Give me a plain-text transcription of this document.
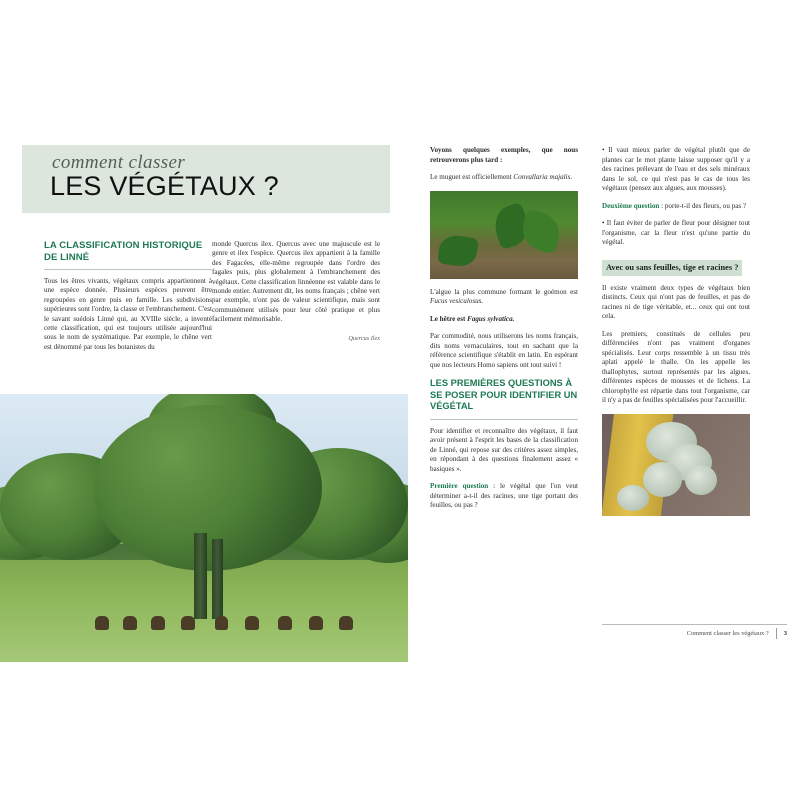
comment classer
LES VÉGÉTAUX ?
LA CLASSIFICATION HISTORIQUE DE LINNÉ

Tous les êtres vivants, végétaux compris appartiennent à une espèce donnée. Plusieurs espèces peuvent être regroupées en genre puis en famille. Les subdivisions supérieures sont l'ordre, la classe et l'embranchement. C'est le savant suédois Linné qui, au XVIIIe siècle, a inventé cette classification, qui est toujours utilisée aujourd'hui sous le nom de systématique. Par exemple, le chêne vert est dénommé par tous les botanistes du

monde Quercus ilex. Quercus avec une majuscule est le genre et ilex l'espèce. Quercus ilex appartient à la famille des Fagacées, elle-même regroupée dans l'ordre des fagales puis, plus globalement à l'embranchement des végétaux. Cette classification linnéenne est valable dans le monde entier. Autrement dit, les noms français ; chêne vert par exemple, n'ont pas de valeur scientifique, mais sont communément utilisés pour leur côté pratique et plus facilement mémorisable.

Quercus Ilex

Voyons quelques exemples, que nous retrouverons plus tard :

Le muguet est officiellement Convallaria majalis.

L'algue la plus commune formant le goémon est Fucus vesiculosus.

Le hêtre est Fagus sylvatica.

Par commodité, nous utiliserons les noms français, dits noms vernaculaires, tout en sachant que la référence scientifique s'établit en latin. En espérant que nos lecteurs Homo sapiens ont tout suivi !

LES PREMIÈRES QUESTIONS À SE POSER POUR IDENTIFIER UN VÉGÉTAL

Pour identifier et reconnaître des végétaux, il faut avoir présent à l'esprit les bases de la classification de Linné, qui repose sur des critères assez simples, en répondant à des questions finalement assez « basiques ».

Première question : le végétal que l'on veut déterminer a-t-il des racines, une tige portant des feuilles, ou pas ?

• Il vaut mieux parler de végétal plutôt que de plantes car le mot plante laisse supposer qu'il y a des racines prélevant de l'eau et des sels minéraux dans le sol, ce qui n'est pas le cas de tous les végétaux (pensez aux algues, aux mousses).

Deuxième question : porte-t-il des fleurs, ou pas ?

• Il faut éviter de parler de fleur pour désigner tout l'organisme, car la fleur n'est qu'une partie du végétal.

Avec ou sans feuilles, tige et racines ?

Il existe vraiment deux types de végétaux bien distincts. Ceux qui n'ont pas de feuilles, et pas de racines ni de tige véritable, et... ceux qui ont tout cela.

Les premiers, constitués de cellules peu différenciées n'ont pas vraiment d'organes spécialisés. Leur corps ressemble à un tissu très aplati appelé le thalle. On les appelle les thallophytes, surtout représentés par les algues, différentes espèces de mousses et de lichens. La chlorophylle est répartie dans tout l'organisme, car il n'y a pas de feuilles spécialisées pour l'accueillir.

Comment classer les végétaux ? 3
